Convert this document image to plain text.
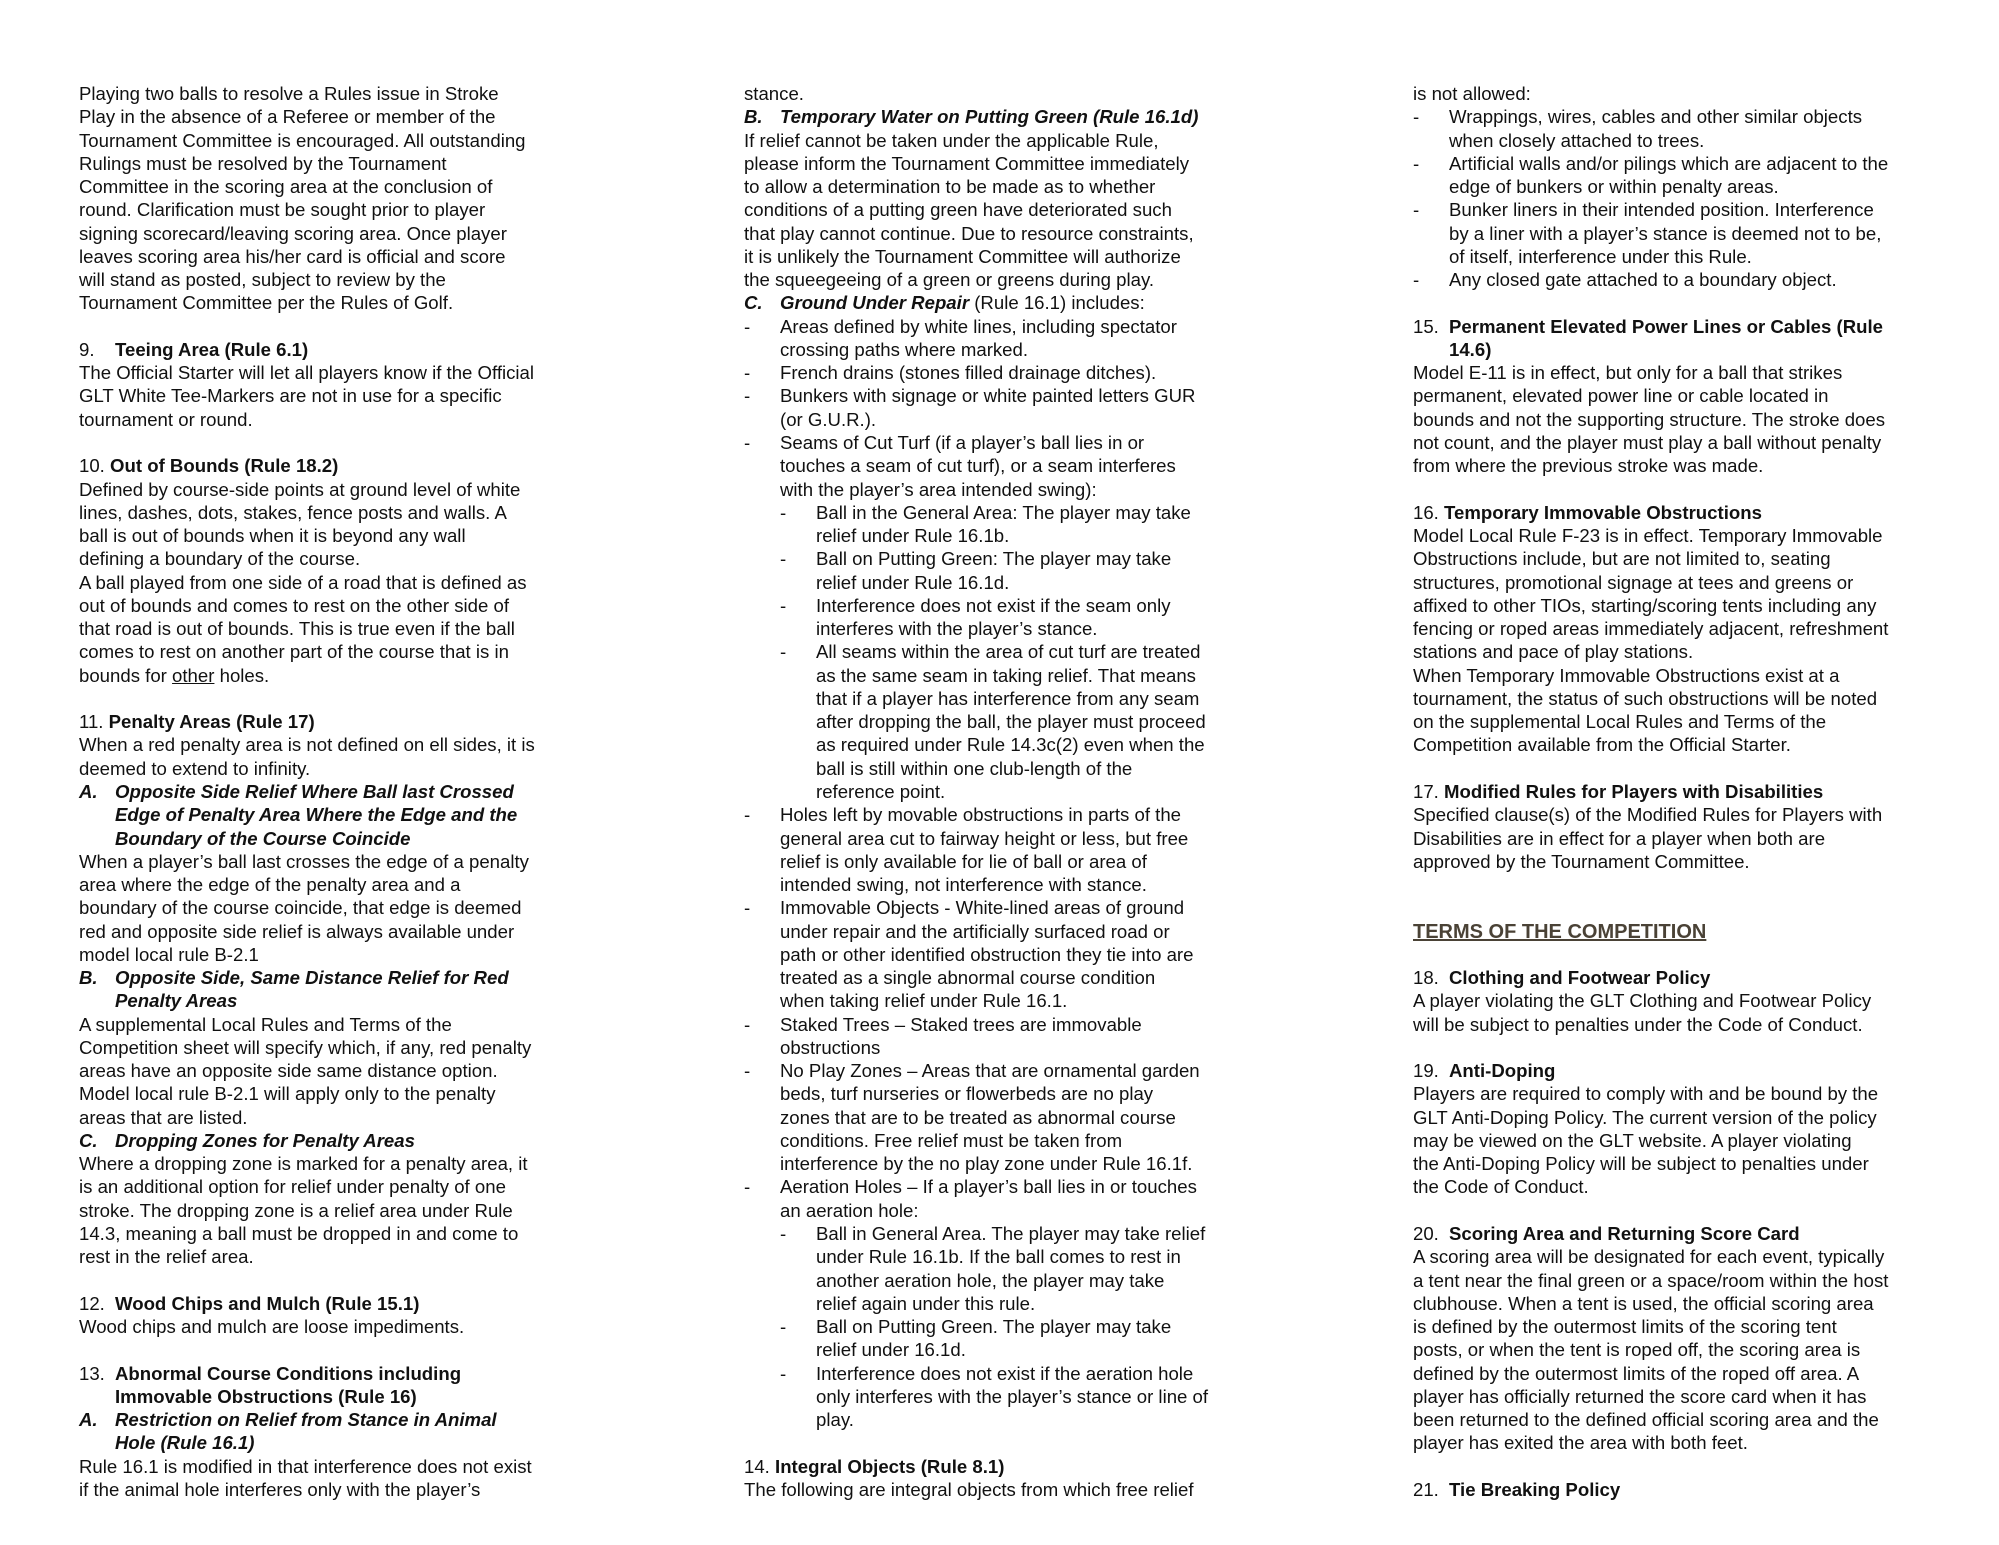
Playing two balls to resolve a Rules issue in Stroke
Play in the absence of a Referee or member of the
Tournament Committee is encouraged. All outstanding
Rulings must be resolved by the Tournament
Committee in the scoring area at the conclusion of
round. Clarification must be sought prior to player
signing scorecard/leaving scoring area. Once player
leaves scoring area his/her card is official and score
will stand as posted, subject to review by the
Tournament Committee per the Rules of Golf.
9. Teeing Area (Rule 6.1)
The Official Starter will let all players know if the Official
GLT White Tee-Markers are not in use for a specific
tournament or round.
10. Out of Bounds (Rule 18.2)
Defined by course-side points at ground level of white
lines, dashes, dots, stakes, fence posts and walls. A
ball is out of bounds when it is beyond any wall
defining a boundary of the course.
A ball played from one side of a road that is defined as
out of bounds and comes to rest on the other side of
that road is out of bounds. This is true even if the ball
comes to rest on another part of the course that is in
bounds for other holes.
11. Penalty Areas (Rule 17)
When a red penalty area is not defined on ell sides, it is
deemed to extend to infinity.
A. Opposite Side Relief Where Ball last Crossed
Edge of Penalty Area Where the Edge and the
Boundary of the Course Coincide
When a player’s ball last crosses the edge of a penalty
area where the edge of the penalty area and a
boundary of the course coincide, that edge is deemed
red and opposite side relief is always available under
model local rule B-2.1
B. Opposite Side, Same Distance Relief for Red
Penalty Areas
A supplemental Local Rules and Terms of the
Competition sheet will specify which, if any, red penalty
areas have an opposite side same distance option.
Model local rule B-2.1 will apply only to the penalty
areas that are listed.
C. Dropping Zones for Penalty Areas
Where a dropping zone is marked for a penalty area, it
is an additional option for relief under penalty of one
stroke. The dropping zone is a relief area under Rule
14.3, meaning a ball must be dropped in and come to
rest in the relief area.
12. Wood Chips and Mulch (Rule 15.1)
Wood chips and mulch are loose impediments.
13. Abnormal Course Conditions including
Immovable Obstructions (Rule 16)
A. Restriction on Relief from Stance in Animal
Hole (Rule 16.1)
Rule 16.1 is modified in that interference does not exist
if the animal hole interferes only with the player’s
stance.
B. Temporary Water on Putting Green (Rule 16.1d)
If relief cannot be taken under the applicable Rule,
please inform the Tournament Committee immediately
to allow a determination to be made as to whether
conditions of a putting green have deteriorated such
that play cannot continue. Due to resource constraints,
it is unlikely the Tournament Committee will authorize
the squeegeeing of a green or greens during play.
C. Ground Under Repair (Rule 16.1) includes:
- Areas defined by white lines, including spectator
crossing paths where marked.
- French drains (stones filled drainage ditches).
- Bunkers with signage or white painted letters GUR
(or G.U.R.).
- Seams of Cut Turf (if a player’s ball lies in or
touches a seam of cut turf), or a seam interferes
with the player’s area intended swing):
- Ball in the General Area: The player may take
relief under Rule 16.1b.
- Ball on Putting Green: The player may take
relief under Rule 16.1d.
- Interference does not exist if the seam only
interferes with the player’s stance.
- All seams within the area of cut turf are treated
as the same seam in taking relief. That means
that if a player has interference from any seam
after dropping the ball, the player must proceed
as required under Rule 14.3c(2) even when the
ball is still within one club-length of the
reference point.
- Holes left by movable obstructions in parts of the
general area cut to fairway height or less, but free
relief is only available for lie of ball or area of
intended swing, not interference with stance.
- Immovable Objects - White-lined areas of ground
under repair and the artificially surfaced road or
path or other identified obstruction they tie into are
treated as a single abnormal course condition
when taking relief under Rule 16.1.
- Staked Trees – Staked trees are immovable
obstructions
- No Play Zones – Areas that are ornamental garden
beds, turf nurseries or flowerbeds are no play
zones that are to be treated as abnormal course
conditions. Free relief must be taken from
interference by the no play zone under Rule 16.1f.
- Aeration Holes – If a player’s ball lies in or touches
an aeration hole:
- Ball in General Area. The player may take relief
under Rule 16.1b. If the ball comes to rest in
another aeration hole, the player may take
relief again under this rule.
- Ball on Putting Green. The player may take
relief under 16.1d.
- Interference does not exist if the aeration hole
only interferes with the player’s stance or line of
play.
14. Integral Objects (Rule 8.1)
The following are integral objects from which free relief
is not allowed:
- Wrappings, wires, cables and other similar objects
when closely attached to trees.
- Artificial walls and/or pilings which are adjacent to the
edge of bunkers or within penalty areas.
- Bunker liners in their intended position. Interference
by a liner with a player’s stance is deemed not to be,
of itself, interference under this Rule.
- Any closed gate attached to a boundary object.
15. Permanent Elevated Power Lines or Cables (Rule
14.6)
Model E-11 is in effect, but only for a ball that strikes
permanent, elevated power line or cable located in
bounds and not the supporting structure. The stroke does
not count, and the player must play a ball without penalty
from where the previous stroke was made.
16. Temporary Immovable Obstructions
Model Local Rule F-23 is in effect. Temporary Immovable
Obstructions include, but are not limited to, seating
structures, promotional signage at tees and greens or
affixed to other TIOs, starting/scoring tents including any
fencing or roped areas immediately adjacent, refreshment
stations and pace of play stations.
When Temporary Immovable Obstructions exist at a
tournament, the status of such obstructions will be noted
on the supplemental Local Rules and Terms of the
Competition available from the Official Starter.
17. Modified Rules for Players with Disabilities
Specified clause(s) of the Modified Rules for Players with
Disabilities are in effect for a player when both are
approved by the Tournament Committee.
TERMS OF THE COMPETITION
18. Clothing and Footwear Policy
A player violating the GLT Clothing and Footwear Policy
will be subject to penalties under the Code of Conduct.
19. Anti-Doping
Players are required to comply with and be bound by the
GLT Anti-Doping Policy. The current version of the policy
may be viewed on the GLT website. A player violating
the Anti-Doping Policy will be subject to penalties under
the Code of Conduct.
20. Scoring Area and Returning Score Card
A scoring area will be designated for each event, typically
a tent near the final green or a space/room within the host
clubhouse. When a tent is used, the official scoring area
is defined by the outermost limits of the scoring tent
posts, or when the tent is roped off, the scoring area is
defined by the outermost limits of the roped off area. A
player has officially returned the score card when it has
been returned to the defined official scoring area and the
player has exited the area with both feet.
21. Tie Breaking Policy
